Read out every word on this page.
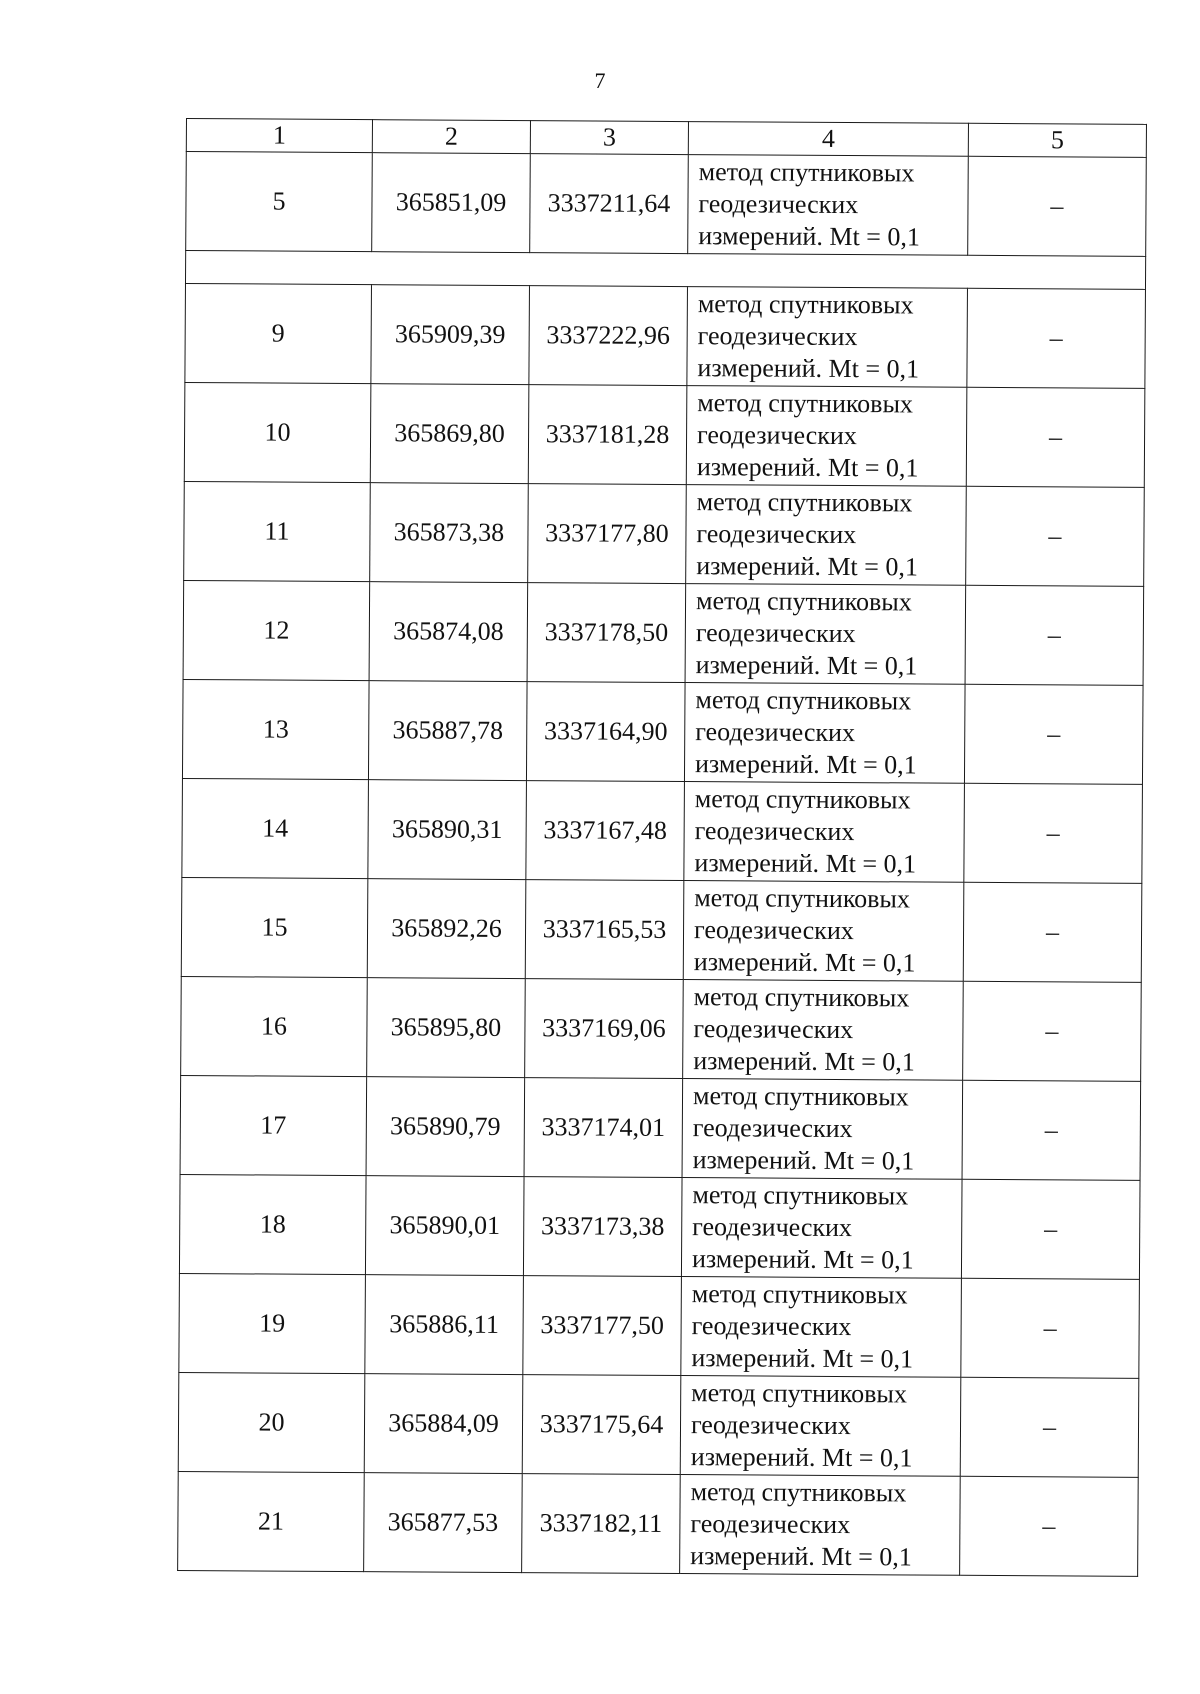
7
1	2	3	4	5
5	365851,09	3337211,64	метод спутниковых
геодезических
измерений. Mt = 0,1	–

9	365909,39	3337222,96	метод спутниковых
геодезических
измерений. Mt = 0,1	–
10	365869,80	3337181,28	метод спутниковых
геодезических
измерений. Mt = 0,1	–
11	365873,38	3337177,80	метод спутниковых
геодезических
измерений. Mt = 0,1	–
12	365874,08	3337178,50	метод спутниковых
геодезических
измерений. Mt = 0,1	–
13	365887,78	3337164,90	метод спутниковых
геодезических
измерений. Mt = 0,1	–
14	365890,31	3337167,48	метод спутниковых
геодезических
измерений. Mt = 0,1	–
15	365892,26	3337165,53	метод спутниковых
геодезических
измерений. Mt = 0,1	–
16	365895,80	3337169,06	метод спутниковых
геодезических
измерений. Mt = 0,1	–
17	365890,79	3337174,01	метод спутниковых
геодезических
измерений. Mt = 0,1	–
18	365890,01	3337173,38	метод спутниковых
геодезических
измерений. Mt = 0,1	–
19	365886,11	3337177,50	метод спутниковых
геодезических
измерений. Mt = 0,1	–
20	365884,09	3337175,64	метод спутниковых
геодезических
измерений. Mt = 0,1	–
21	365877,53	3337182,11	метод спутниковых
геодезических
измерений. Mt = 0,1	–
